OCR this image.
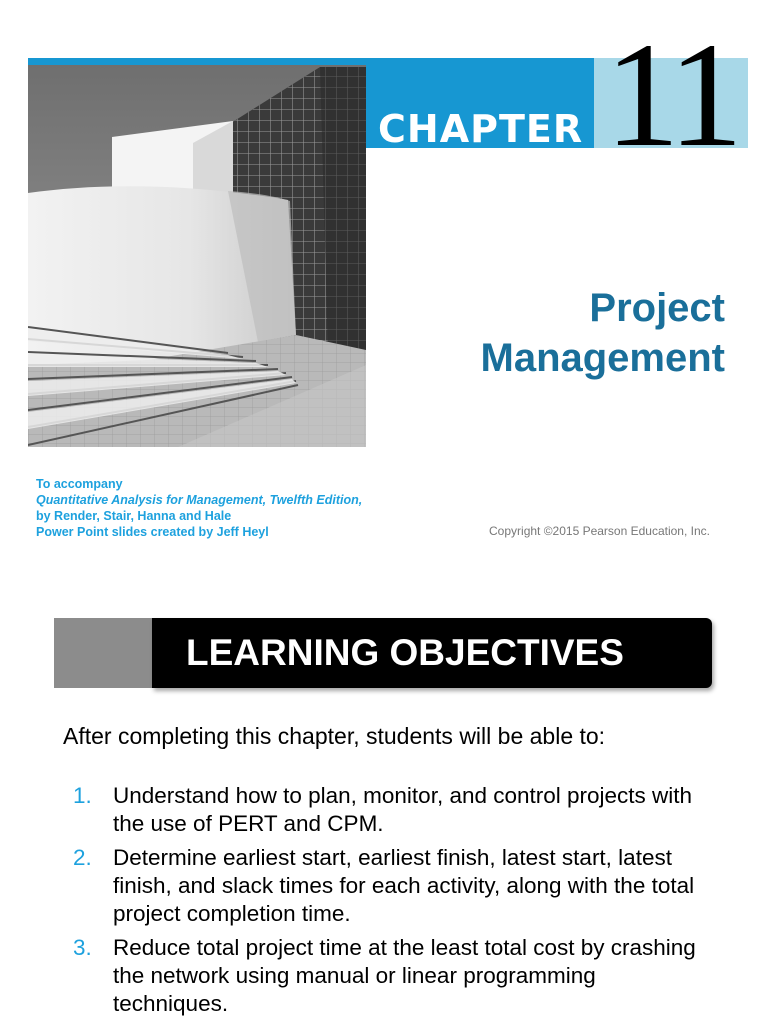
CHAPTER 11
Project
Management
To accompany
Quantitative Analysis for Management, Twelfth Edition,
by Render, Stair, Hanna and Hale
Power Point slides created by Jeff Heyl	Copyright ©2015 Pearson Education, Inc.
LEARNING OBJECTIVES
After completing this chapter, students will be able to:
1. Understand how to plan, monitor, and control projects with the use of PERT and CPM.
2. Determine earliest start, earliest finish, latest start, latest finish, and slack times for each activity, along with the total project completion time.
3. Reduce total project time at the least total cost by crashing the network using manual or linear programming techniques.
